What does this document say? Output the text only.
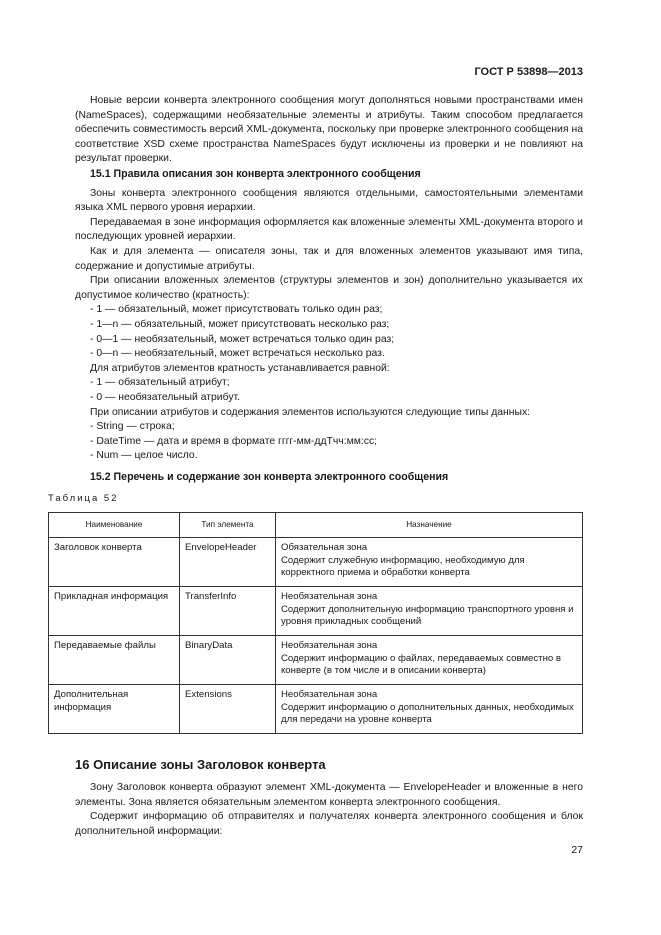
ГОСТ Р 53898—2013

Новые версии конверта электронного сообщения могут дополняться новыми пространствами имен (NameSpaces), содержащими необязательные элементы и атрибуты. Таким способом предлагается обеспечить совместимость версий XML-документа, поскольку при проверке электронного сообщения на соответствие XSD схеме пространства NameSpaces будут исключены из проверки и не повлияют на результат проверки.

15.1 Правила описания зон конверта электронного сообщения

Зоны конверта электронного сообщения являются отдельными, самостоятельными элементами языка XML первого уровня иерархии.

Передаваемая в зоне информация оформляется как вложенные элементы XML-документа второго и последующих уровней иерархии.

Как и для элемента — описателя зоны, так и для вложенных элементов указывают имя типа, содержание и допустимые атрибуты.

При описании вложенных элементов (структуры элементов и зон) дополнительно указывается их допустимое количество (кратность):

- 1 — обязательный, может присутствовать только один раз;

- 1—n — обязательный, может присутствовать несколько раз;

- 0—1 — необязательный, может встречаться только один раз;

- 0—n — необязательный, может встречаться несколько раз.

Для атрибутов элементов кратность устанавливается равной:

- 1 — обязательный атрибут;

- 0 — необязательный атрибут.

При описании атрибутов и содержания элементов используются следующие типы данных:

- String — строка;

- DateTime — дата и время в формате гггг-мм-ддТчч:мм:сс;

- Num — целое число.

15.2 Перечень и содержание зон конверта электронного сообщения

Таблица 52
Наименование	Тип элемента	Назначение
Заголовок конверта	EnvelopeHeader	Обязательная зона
Содержит служебную информацию, необходимую для корректного приема и обработки конверта
Прикладная информация	TransferInfo	Необязательная зона
Содержит дополнительную информацию транспортного уровня и уровня прикладных сообщений
Передаваемые файлы	BinaryData	Необязательная зона
Содержит информацию о файлах, передаваемых совместно в конверте (в том числе и в описании конверта)
Дополнительная информация	Extensions	Необязательная зона
Содержит информацию о дополнительных данных, необходимых для передачи на уровне конверта
16 Описание зоны Заголовок конверта

Зону Заголовок конверта образуют элемент XML-документа — EnvelopeHeader и вложенные в него элементы. Зона является обязательным элементом конверта электронного сообщения.

Содержит информацию об отправителях и получателях конверта электронного сообщения и блок дополнительной информации:

27
